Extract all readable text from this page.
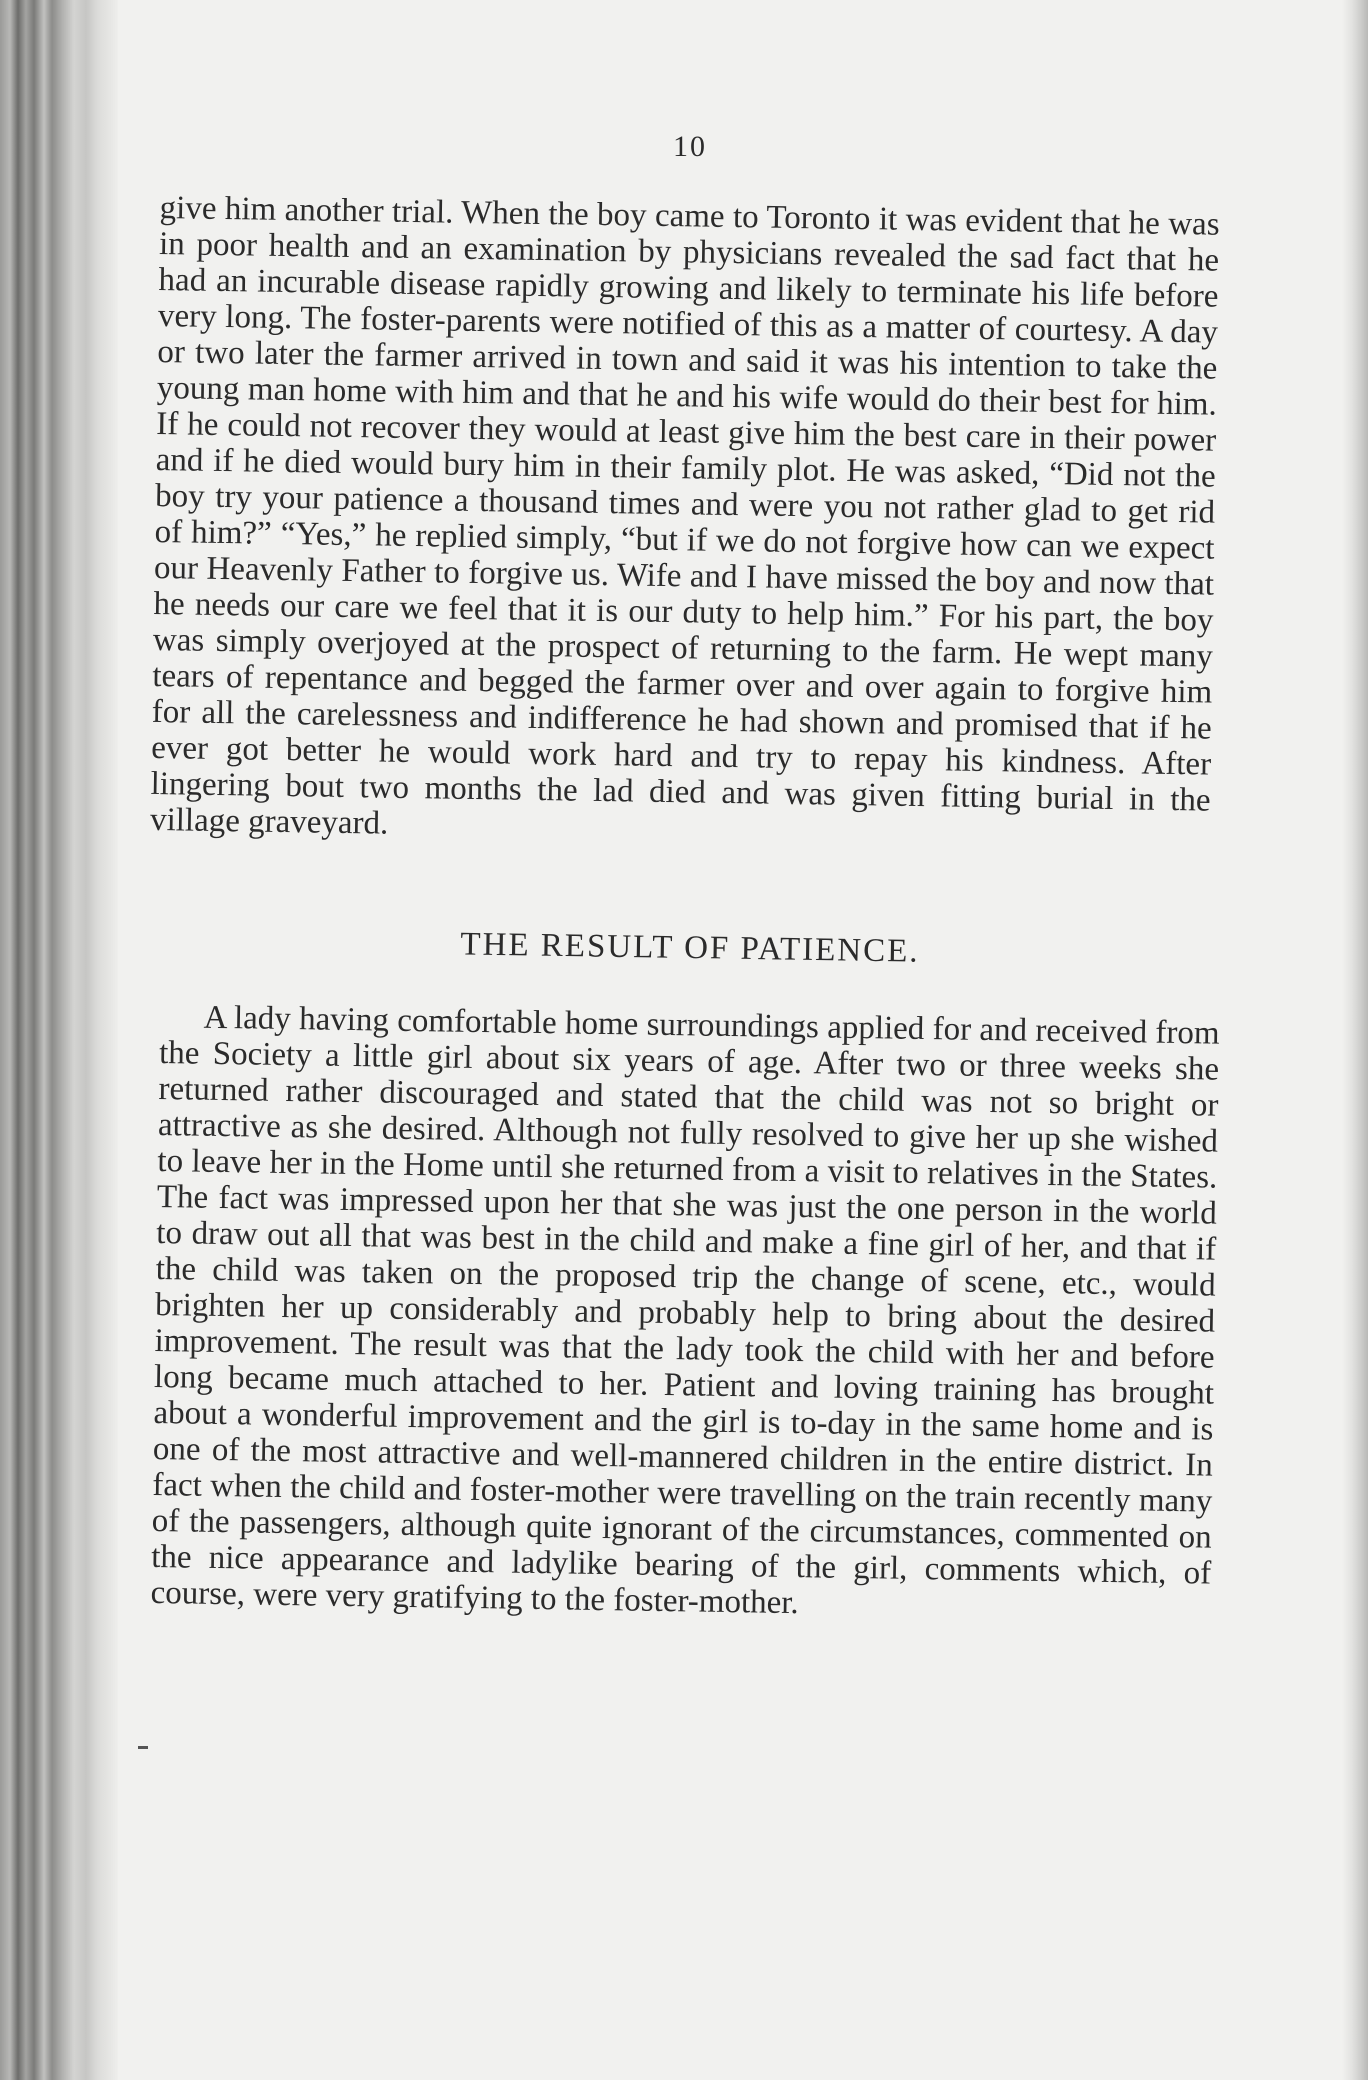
10

give him another trial. When the boy came to Toronto it was evident that he was in poor health and an examination by physicians revealed the sad fact that he had an incurable disease rapidly growing and likely to terminate his life before very long. The foster-parents were notified of this as a matter of courtesy. A day or two later the farmer arrived in town and said it was his intention to take the young man home with him and that he and his wife would do their best for him. If he could not recover they would at least give him the best care in their power and if he died would bury him in their family plot. He was asked, “Did not the boy try your patience a thousand times and were you not rather glad to get rid of him?” “Yes,” he replied simply, “but if we do not forgive how can we expect our Heavenly Father to forgive us. Wife and I have missed the boy and now that he needs our care we feel that it is our duty to help him.” For his part, the boy was simply overjoyed at the prospect of returning to the farm. He wept many tears of repentance and begged the farmer over and over again to forgive him for all the carelessness and indifference he had shown and promised that if he ever got better he would work hard and try to repay his kindness. After lingering bout two months the lad died and was given fitting burial in the village graveyard.

THE RESULT OF PATIENCE.

A lady having comfortable home surroundings applied for and received from the Society a little girl about six years of age. After two or three weeks she returned rather discouraged and stated that the child was not so bright or attractive as she desired. Although not fully resolved to give her up she wished to leave her in the Home until she returned from a visit to relatives in the States. The fact was impressed upon her that she was just the one person in the world to draw out all that was best in the child and make a fine girl of her, and that if the child was taken on the proposed trip the change of scene, etc., would brighten her up considerably and probably help to bring about the desired improvement. The result was that the lady took the child with her and before long became much attached to her. Patient and loving training has brought about a wonderful improvement and the girl is to-day in the same home and is one of the most attractive and well-mannered children in the entire district. In fact when the child and foster-mother were travelling on the train recently many of the passengers, although quite ignorant of the circumstances, commented on the nice appearance and ladylike bearing of the girl, comments which, of course, were very gratifying to the foster-mother.
